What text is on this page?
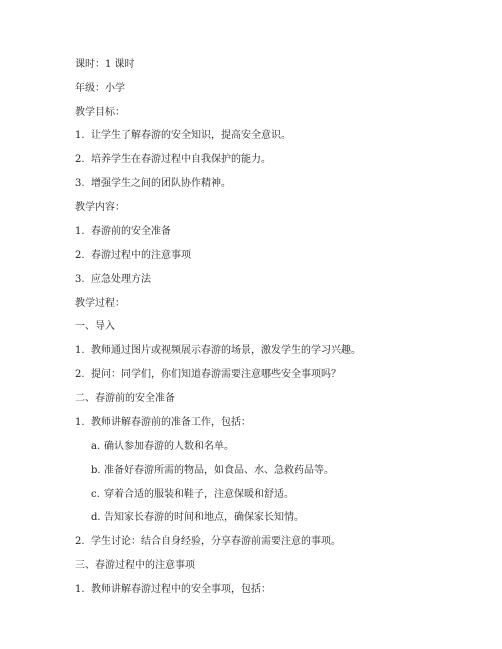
课时：1 课时
年级：小学
教学目标：
1. 让学生了解春游的安全知识，提高安全意识。
2. 培养学生在春游过程中自我保护的能力。
3. 增强学生之间的团队协作精神。
教学内容：
1. 春游前的安全准备
2. 春游过程中的注意事项
3. 应急处理方法
教学过程：
一、导入
1. 教师通过图片或视频展示春游的场景，激发学生的学习兴趣。
2. 提问：同学们，你们知道春游需要注意哪些安全事项吗？
二、春游前的安全准备
1. 教师讲解春游前的准备工作，包括：
a. 确认参加春游的人数和名单。
b. 准备好春游所需的物品，如食品、水、急救药品等。
c. 穿着合适的服装和鞋子，注意保暖和舒适。
d. 告知家长春游的时间和地点，确保家长知情。
2. 学生讨论：结合自身经验，分享春游前需要注意的事项。
三、春游过程中的注意事项
1. 教师讲解春游过程中的安全事项，包括：
